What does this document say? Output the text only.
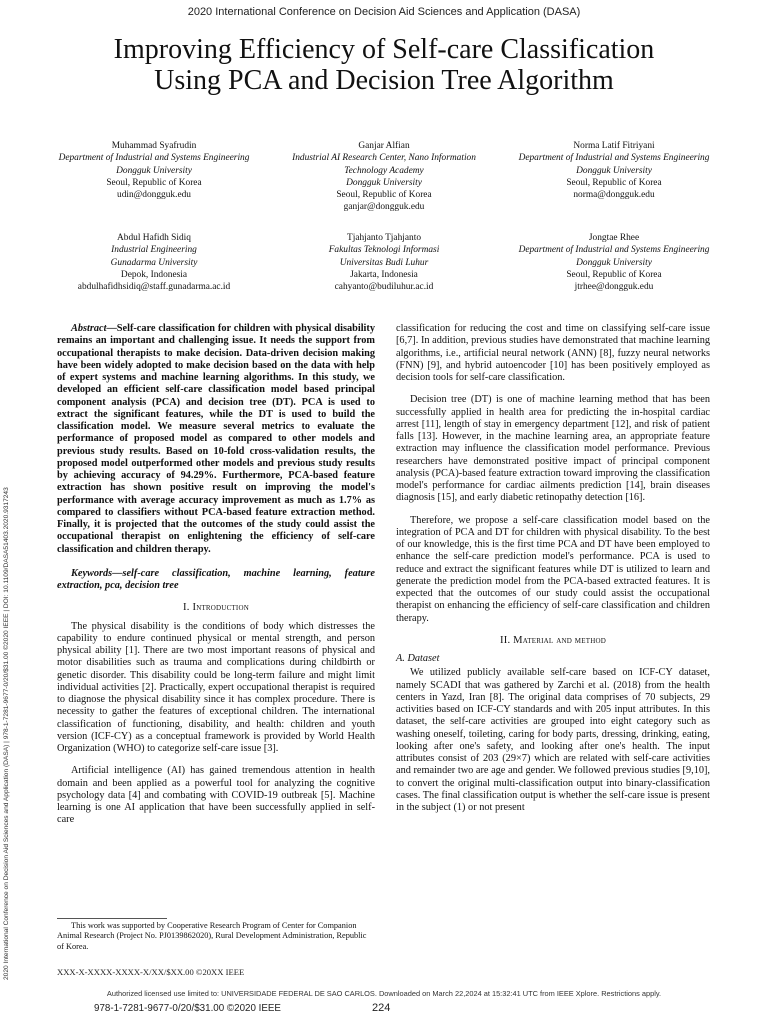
2020 International Conference on Decision Aid Sciences and Application (DASA)
Improving Efficiency of Self-care Classification
Using PCA and Decision Tree Algorithm
Muhammad Syafrudin
Department of Industrial and Systems Engineering
Dongguk University
Seoul, Republic of Korea
udin@dongguk.edu
Ganjar Alfian
Industrial AI Research Center, Nano Information Technology Academy
Dongguk University
Seoul, Republic of Korea
ganjar@dongguk.edu
Norma Latif Fitriyani
Department of Industrial and Systems Engineering
Dongguk University
Seoul, Republic of Korea
norma@dongguk.edu
Abdul Hafidh Sidiq
Industrial Engineering
Gunadarma University
Depok, Indonesia
abdulhafidhsidiq@staff.gunadarma.ac.id
Tjahjanto Tjahjanto
Fakultas Teknologi Informasi
Universitas Budi Luhur
Jakarta, Indonesia
cahyanto@budiluhur.ac.id
Jongtae Rhee
Department of Industrial and Systems Engineering
Dongguk University
Seoul, Republic of Korea
jtrhee@dongguk.edu
2020 International Conference on Decision Aid Sciences and Application (DASA) | 978-1-7281-9677-0/20/$31.00 ©2020 IEEE | DOI: 10.1109/DASA51403.2020.9317243

Abstract—Self-care classification for children with physical disability remains an important and challenging issue. It needs the support from occupational therapists to make decision. Data-driven decision making have been widely adopted to make decision based on the data with help of expert systems and machine learning algorithms. In this study, we developed an efficient self-care classification model based principal component analysis (PCA) and decision tree (DT). PCA is used to extract the significant features, while the DT is used to build the classification model. We measure several metrics to evaluate the performance of proposed model as compared to other models and previous study results. Based on 10-fold cross-validation results, the proposed model outperformed other models and previous study results by achieving accuracy of 94.29%. Furthermore, PCA-based feature extraction has shown positive result on improving the model's performance with average accuracy improvement as much as 1.7% as compared to classifiers without PCA-based feature extraction method. Finally, it is projected that the outcomes of the study could assist the occupational therapist on enlightening the efficiency of self-care classification and children therapy.

Keywords—self-care classification, machine learning, feature extraction, pca, decision tree

I. Introduction

The physical disability is the conditions of body which distresses the capability to endure continued physical or mental strength, and person physical ability [1]. There are two most important reasons of physical and motor disabilities such as trauma and complications during childbirth or genetic disorder. This disability could be long-term failure and might limit individual activities [2]. Practically, expert occupational therapist is required to diagnose the physical disability since it has complex procedure. There is necessity to gather the features of exceptional children. The international classification of functioning, disability, and health: children and youth version (ICF-CY) as a conceptual framework is provided by World Health Organization (WHO) to categorize self-care issue [3].

Artificial intelligence (AI) has gained tremendous attention in health domain and been applied as a powerful tool for analyzing the cognitive psychology data [4] and combating with COVID-19 outbreak [5]. Machine learning is one AI application that have been successfully applied in self-care

This work was supported by Cooperative Research Program of Center for Companion Animal Research (Project No. PJ0139862020), Rural Development Administration, Republic of Korea.
XXX-X-XXXX-XXXX-X/XX/$XX.00 ©20XX IEEE

classification for reducing the cost and time on classifying self-care issue [6,7]. In addition, previous studies have demonstrated that machine learning algorithms, i.e., artificial neural network (ANN) [8], fuzzy neural networks (FNN) [9], and hybrid autoencoder [10] has been positively employed as decision tools for self-care classification.

Decision tree (DT) is one of machine learning method that has been successfully applied in health area for predicting the in-hospital cardiac arrest [11], length of stay in emergency department [12], and risk of patient falls [13]. However, in the machine learning area, an appropriate feature extraction may influence the classification model performance. Previous researchers have demonstrated positive impact of principal component analysis (PCA)-based feature extraction toward improving the classification model's performance for cardiac ailments prediction [14], brain diseases diagnosis [15], and early diabetic retinopathy detection [16].

Therefore, we propose a self-care classification model based on the integration of PCA and DT for children with physical disability. To the best of our knowledge, this is the first time PCA and DT have been employed to enhance the self-care prediction model's performance. PCA is used to reduce and extract the significant features while DT is utilized to learn and generate the prediction model from the PCA-based extracted features. It is expected that the outcomes of our study could assist the occupational therapist on enhancing the efficiency of self-care classification and children therapy.

II. Material and method

A. Dataset

We utilized publicly available self-care based on ICF-CY dataset, namely SCADI that was gathered by Zarchi et al. (2018) from the health centers in Yazd, Iran [8]. The original data comprises of 70 subjects, 29 activities based on ICF-CY standards and with 205 input attributes. In this dataset, the self-care activities are grouped into eight category such as washing oneself, toileting, caring for body parts, dressing, drinking, eating, looking after one's safety, and looking after one's health. The input attributes consist of 203 (29×7) which are related with self-care activities and remainder two are age and gender. We followed previous studies [9,10], to convert the original multi-classification output into binary-classification cases. The final classification output is whether the self-care issue is present in the subject (1) or not present

Authorized licensed use limited to: UNIVERSIDADE FEDERAL DE SAO CARLOS. Downloaded on March 22,2024 at 15:32:41 UTC from IEEE Xplore. Restrictions apply.
978-1-7281-9677-0/20/$31.00 ©2020 IEEE	224
